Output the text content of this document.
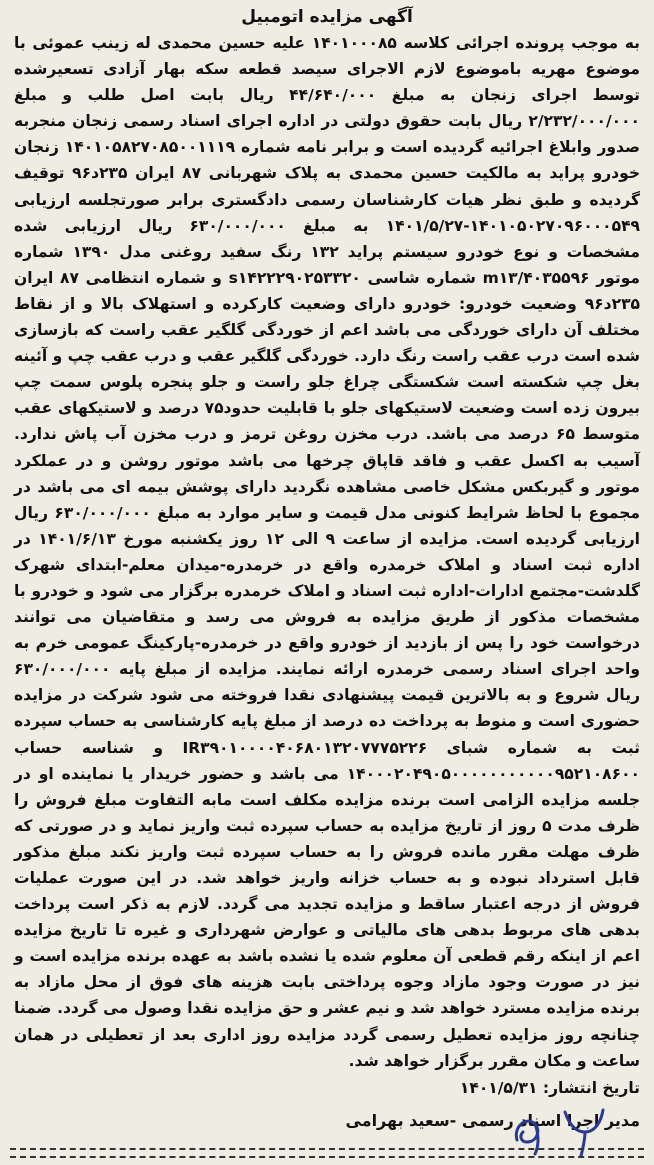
آگهی مزایده اتومبیل

به موجب پرونده اجرائی کلاسه ۱۴۰۱۰۰۰۸۵ علیه حسین محمدی له زینب عموئی با موضوع مهریه باموضوع لازم الاجرای سیصد قطعه سکه بهار آزادی تسعیرشده توسط اجرای زنجان به مبلغ ۴۴/۶۴۰/۰۰۰ ریال بابت اصل طلب و مبلغ ۲/۲۳۲/۰۰۰/۰۰۰ ریال بابت حقوق دولتی در اداره اجرای اسناد رسمی زنجان منجربه صدور وابلاغ اجرائیه گردیده است و برابر نامه شماره ۱۴۰۱۰۵۸۲۷۰۸۵۰۰۱۱۱۹ زنجان خودرو پراید به مالکیت حسین محمدی به پلاک شهربانی ۸۷ ایران ۲۳۵د۹۶ توقیف گردیده و طبق نظر هیات کارشناسان رسمی دادگستری برابر صورتجلسه ارزیابی ۱۴۰۱۰۵۰۲۷۰۹۶۰۰۰۵۴۹-۱۴۰۱/۵/۲۷ به مبلغ ۶۳۰/۰۰۰/۰۰۰ ریال ارزیابی شده مشخصات و نوع خودرو سیستم پراید ۱۳۲ رنگ سفید روغنی مدل ۱۳۹۰ شماره موتور m۱۳/۴۰۳۵۵۹۶ شماره شاسی s۱۴۲۲۲۹۰۲۵۳۳۲۰ و شماره انتظامی ۸۷ ایران ۲۳۵د۹۶ وضعیت خودرو: خودرو دارای وضعیت کارکرده و استهلاک بالا و از نقاط مختلف آن دارای خوردگی می باشد اعم از خوردگی گلگیر عقب راست که بازسازی شده است درب عقب راست رنگ دارد. خوردگی گلگیر عقب و درب عقب چپ و آئینه بغل چپ شکسته است شکستگی چراغ جلو راست و جلو پنجره پلوس سمت چپ بیرون زده است وضعیت لاستیکهای جلو با قابلیت حدود۷۵ درصد و لاستیکهای عقب متوسط ۶۵ درصد می باشد. درب مخزن روغن ترمز و درب مخزن آب پاش ندارد. آسیب به اکسل عقب و فاقد قاپاق چرخها می باشد موتور روشن و در عملکرد موتور و گیربکس مشکل خاصی مشاهده نگردید دارای پوشش بیمه ای می باشد در مجموع با لحاظ شرایط کنونی مدل قیمت و سایر موارد به مبلغ ۶۳۰/۰۰۰/۰۰۰ ریال ارزیابی گردیده است. مزایده از ساعت ۹ الی ۱۲ روز یکشنبه مورخ ۱۴۰۱/۶/۱۳ در اداره ثبت اسناد و املاک خرمدره واقع در خرمدره-میدان معلم-ابتدای شهرک گلدشت-مجتمع ادارات-اداره ثبت اسناد و املاک خرمدره برگزار می شود و خودرو با مشخصات مذکور از طریق مزایده به فروش می رسد و متقاضیان می توانند درخواست خود را پس از بازدید از خودرو واقع در خرمدره-پارکینگ عمومی خرم به واحد اجرای اسناد رسمی خرمدره ارائه نمایند. مزایده از مبلغ پایه ۶۳۰/۰۰۰/۰۰۰ ریال شروع و به بالاترین قیمت پیشنهادی نقدا فروخته می شود شرکت در مزایده حضوری است و منوط به پرداخت ده درصد از مبلغ پایه کارشناسی به حساب سپرده ثبت به شماره شبای IR۳۹۰۱۰۰۰۰۴۰۶۸۰۱۳۲۰۷۷۷۵۲۲۶ و شناسه حساب ۱۴۰۰۰۲۰۴۹۰۵۰۰۰۰۰۰۰۰۰۰۰۹۵۲۱۰۸۶۰۰ می باشد و حضور خریدار یا نماینده او در جلسه مزایده الزامی است برنده مزایده مکلف است مابه التفاوت مبلغ فروش را ظرف مدت ۵ روز از تاریخ مزایده به حساب سپرده ثبت واریز نماید و در صورتی که ظرف مهلت مقرر مانده فروش را به حساب سپرده ثبت واریز نکند مبلغ مذکور قابل استرداد نبوده و به حساب خزانه واریز خواهد شد. در این صورت عملیات فروش از درجه اعتبار ساقط و مزایده تجدید می گردد. لازم به ذکر است پرداخت بدهی های مربوط بدهی های مالیاتی و عوارض شهرداری و غیره تا تاریخ مزایده اعم از اینکه رقم قطعی آن معلوم شده یا نشده باشد به عهده برنده مزایده است و نیز در صورت وجود مازاد وجوه پرداختی بابت هزینه های فوق از محل مازاد به برنده مزایده مسترد خواهد شد و نیم عشر و حق مزایده نقدا وصول می گردد. ضمنا چنانچه روز مزایده تعطیل رسمی گردد مزایده روز اداری بعد از تعطیلی در همان ساعت و مکان مقرر برگزار خواهد شد.

تاریخ انتشار: ۱۴۰۱/۵/۳۱
مدیر اجرا اسناد رسمی -سعید بهرامی
